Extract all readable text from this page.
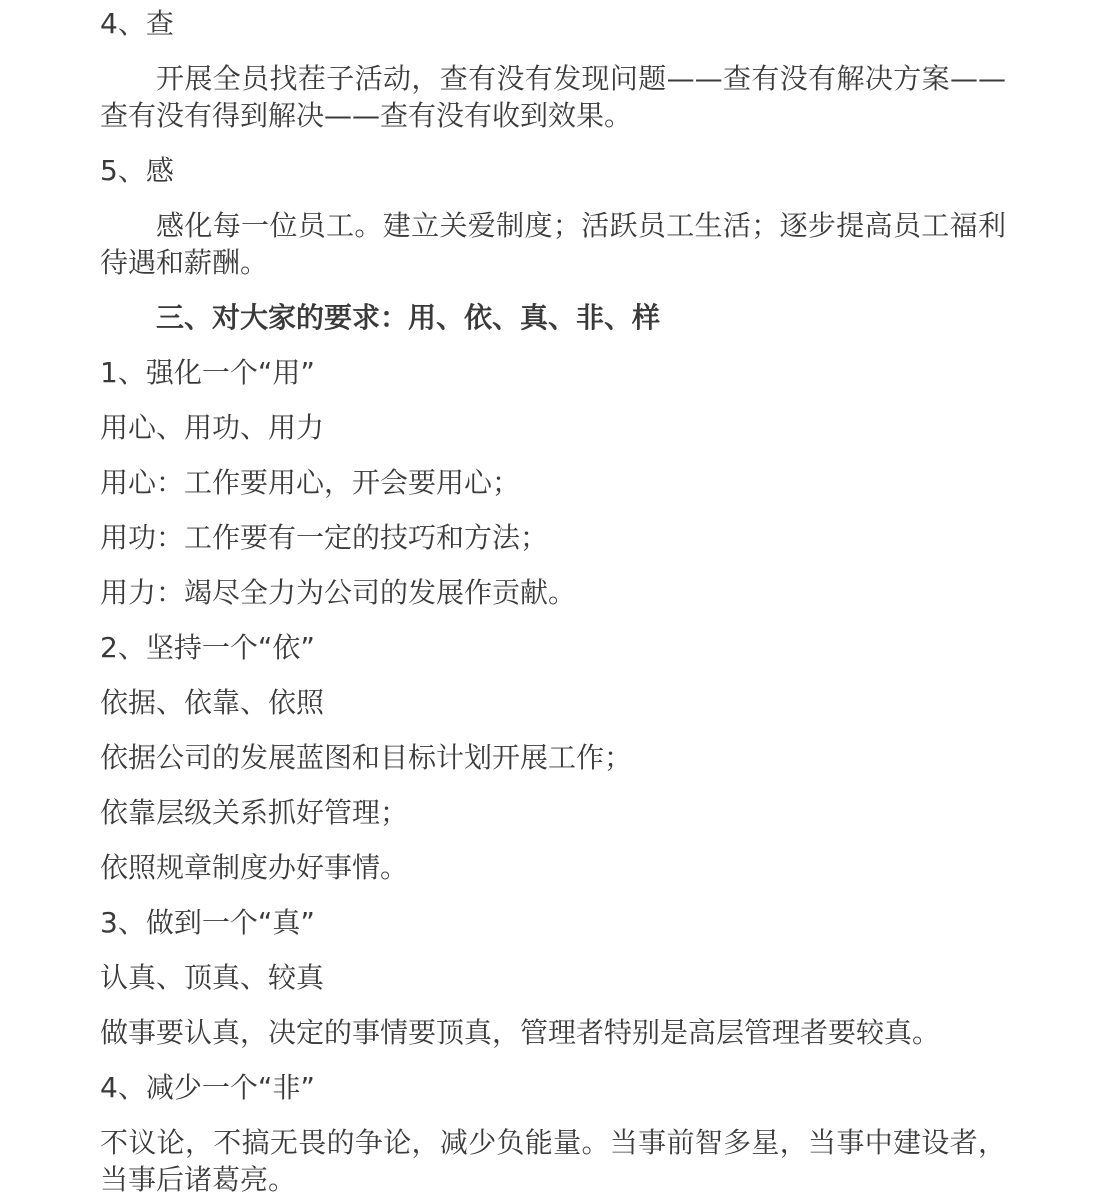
4、查

开展全员找茬子活动，查有没有发现问题——查有没有解决方案——查有没有得到解决——查有没有收到效果。

5、感

感化每一位员工。建立关爱制度；活跃员工生活；逐步提高员工福利待遇和薪酬。

三、对大家的要求：用、依、真、非、样

1、强化一个“用”

用心、用功、用力

用心：工作要用心，开会要用心；

用功：工作要有一定的技巧和方法；

用力：竭尽全力为公司的发展作贡献。

2、坚持一个“依”

依据、依靠、依照

依据公司的发展蓝图和目标计划开展工作；

依靠层级关系抓好管理；

依照规章制度办好事情。

3、做到一个“真”

认真、顶真、较真

做事要认真，决定的事情要顶真，管理者特别是高层管理者要较真。

4、减少一个“非”

不议论，不搞无畏的争论，减少负能量。当事前智多星，当事中建设者，当事后诸葛亮。
